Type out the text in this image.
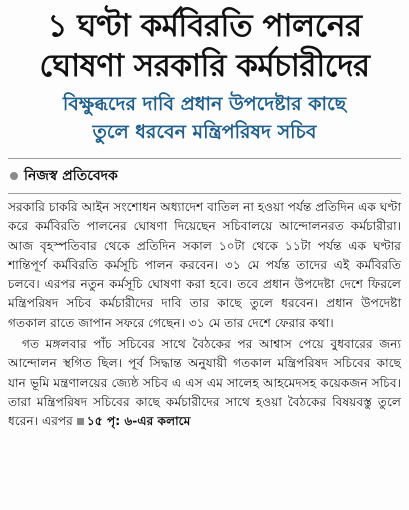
১ ঘণ্টা কর্মবিরতি পালনের
ঘোষণা সরকারি কর্মচারীদের
বিক্ষুব্ধদের দাবি প্রধান উপদেষ্টার কাছে
তুলে ধরবেন মন্ত্রিপরিষদ সচিব
নিজস্ব প্রতিবেদক

সরকারি চাকরি আইন সংশোধন অধ্যাদেশ বাতিল না হওয়া পর্যন্ত প্রতিদিন এক ঘণ্টা করে কর্মবিরতি পালনের ঘোষণা দিয়েছেন সচিবালয়ে আন্দোলনরত কর্মচারীরা। আজ বৃহস্পতিবার থেকে প্রতিদিন সকাল ১০টা থেকে ১১টা পর্যন্ত এক ঘণ্টার শান্তিপূর্ণ কর্মবিরতি কর্মসূচি পালন করবেন। ৩১ মে পর্যন্ত তাদের এই কর্মবিরতি চলবে। এরপর নতুন কর্মসূচি ঘোষণা করা হবে। তবে প্রধান উপদেষ্টা দেশে ফিরলে মন্ত্রিপরিষদ সচিব কর্মচারীদের দাবি তার কাছে তুলে ধরবেন। প্রধান উপদেষ্টা গতকাল রাতে জাপান সফরে গেছেন। ৩১ মে তার দেশে ফেরার কথা।

গত মঙ্গলবার পাঁচ সচিবের সাথে বৈঠকের পর আশ্বাস পেয়ে বুধবারের জন্য আন্দোলন স্থগিত ছিল। পূর্ব সিদ্ধান্ত অনুযায়ী গতকাল মন্ত্রিপরিষদ সচিবের কাছে যান ভূমি মন্ত্রণালয়ের জ্যেষ্ঠ সচিব এ এস এম সালেহ আহমেদসহ কয়েকজন সচিব। তারা মন্ত্রিপরিষদ সচিবের কাছে কর্মচারীদের সাথে হওয়া বৈঠকের বিষয়বস্তু তুলে ধরেন। এরপর ১৫ পৃ: ৬-এর কলামে
